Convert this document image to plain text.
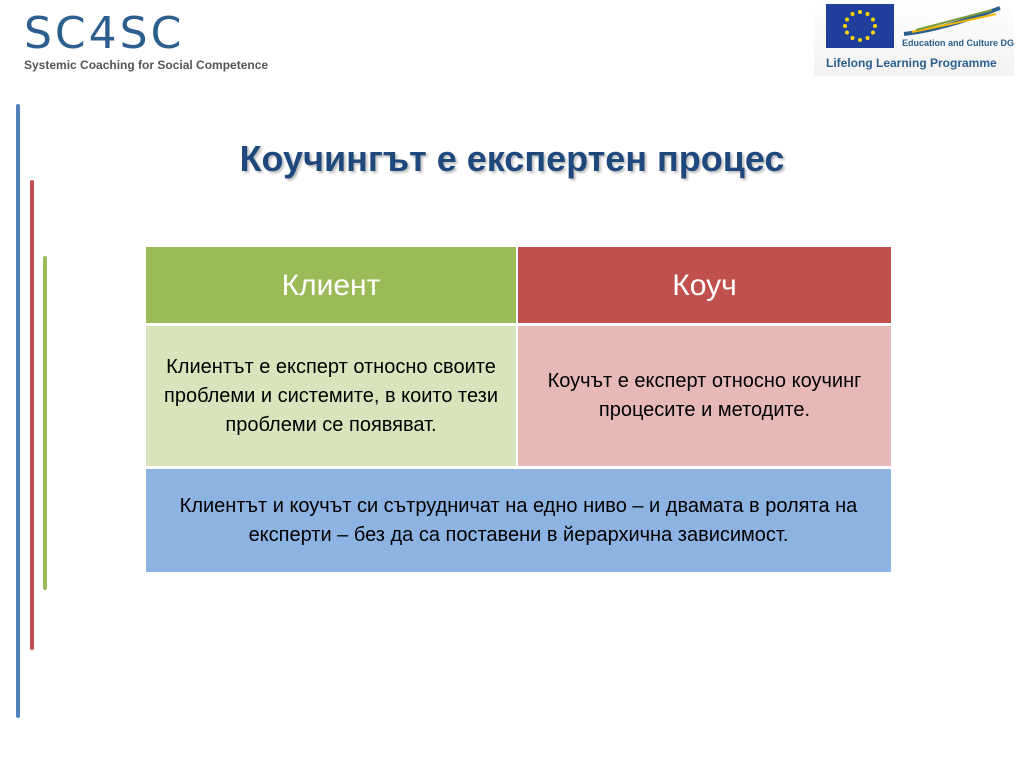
SC4SC
Systemic Coaching for Social Competence
Education and Culture DG
Lifelong Learning Programme
Коучингът е експертен процес
Клиент	Коуч
Клиентът е експерт относно своите проблеми и системите, в които тези проблеми се появяват.
Коучът е експерт относно коучинг процесите и методите.
Клиентът и коучът си сътрудничат на едно ниво – и двамата в ролята на експерти – без да са поставени в йерархична зависимост.
